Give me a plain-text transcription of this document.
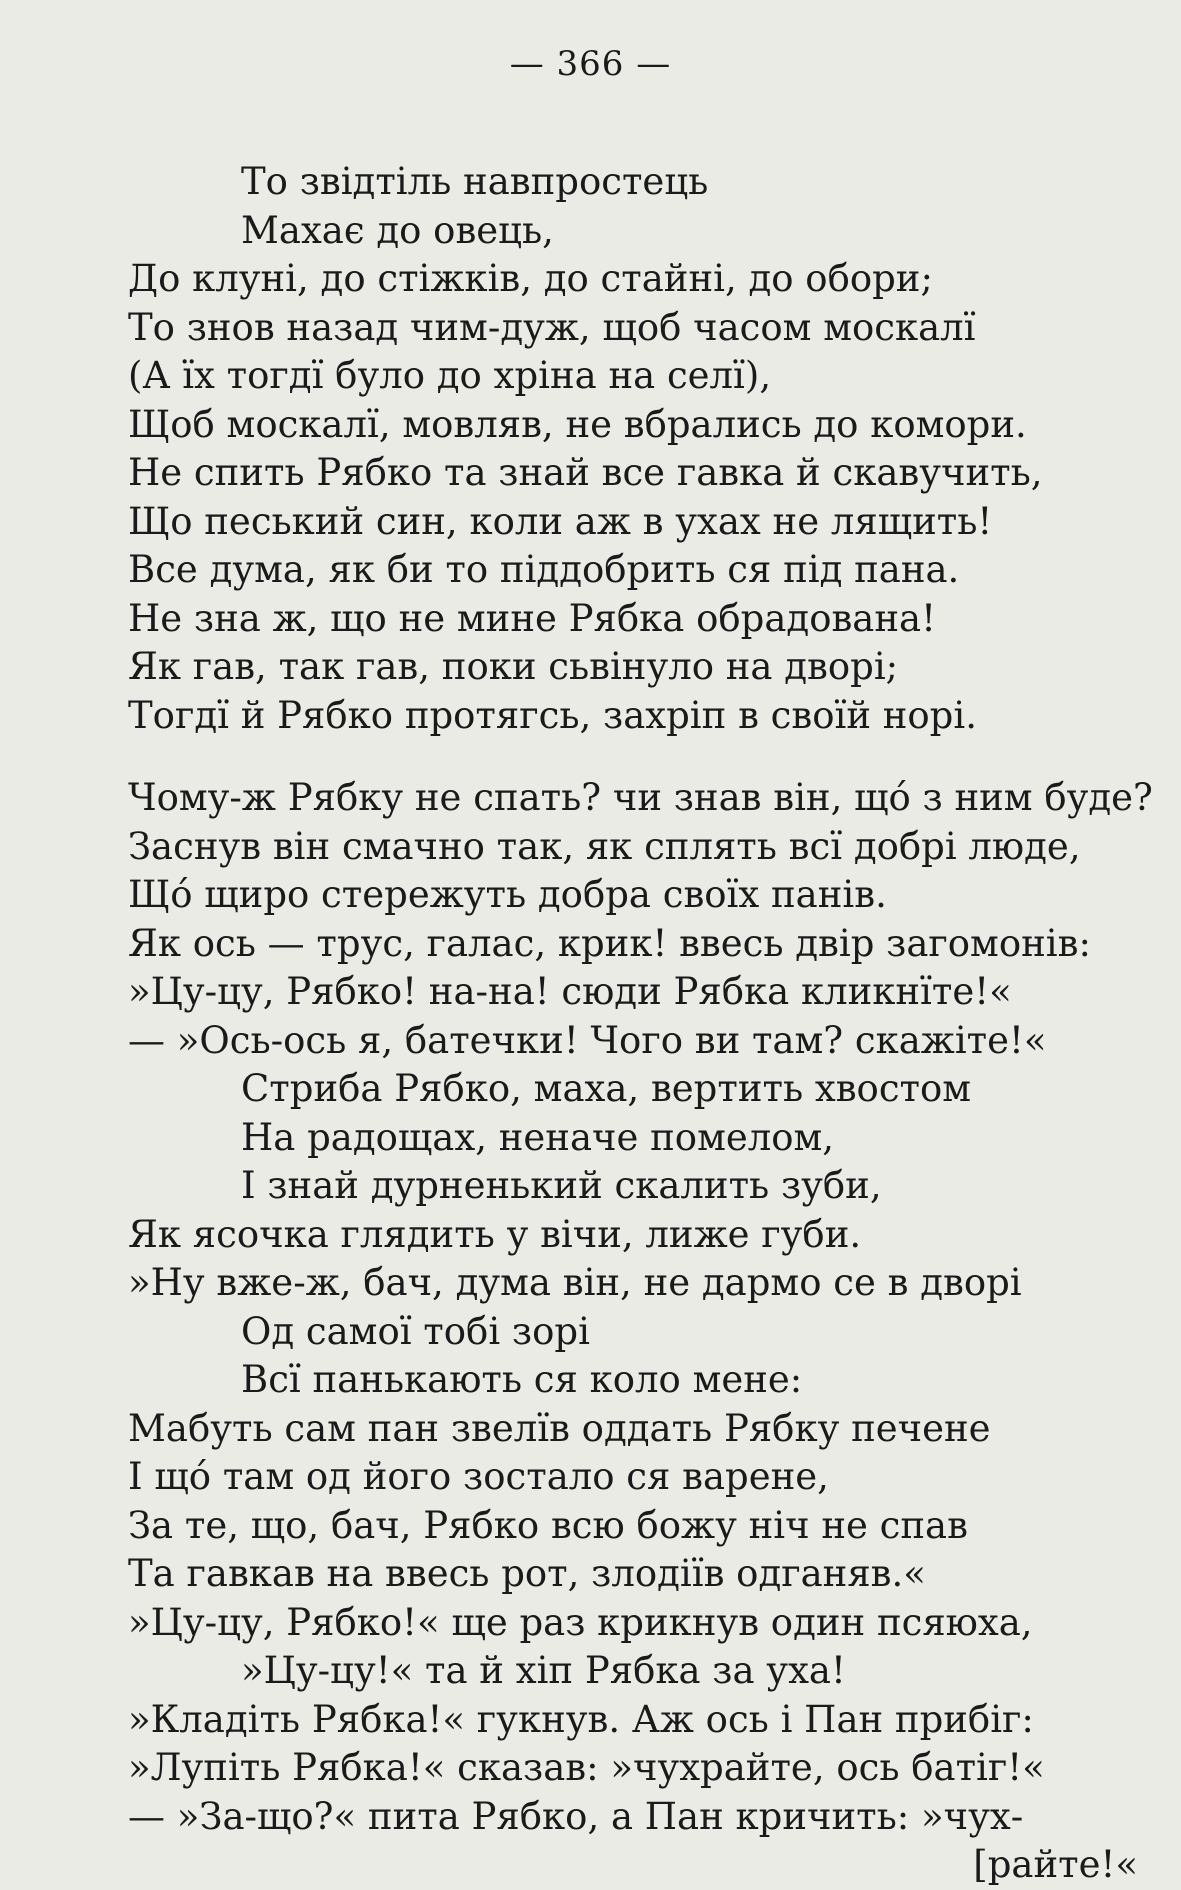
— 366 —
То звідтіль навпростець
Махає до овець,
До клуні, до стіжків, до стайні, до обори;
То знов назад чим-дуж, щоб часом москалї
(А їх тогдї було до хріна на селї),
Щоб москалї, мовляв, не вбрались до комори.
Не спить Рябко та знай все гавка й скавучить,
Що песький син, коли аж в ухах не лящить!
Все дума, як би то піддобрить ся під пана.
Не зна ж, що не мине Рябка обрадована!
Як гав, так гав, поки сьвінуло на дворі;
Тогдї й Рябко протягсь, захріп в своїй норі.
Чому-ж Рябку не спать? чи знав він, що́ з ним буде?
Заснув він смачно так, як сплять всї добрі люде,
Що́ щиро стережуть добра своїх панів.
Як ось — трус, галас, крик! ввесь двір загомонів:
»Цу-цу, Рябко! на-на! сюди Рябка кликнїте!«
— »Ось-ось я, батечки! Чого ви там? скажіте!«
Стриба Рябко, маха, вертить хвостом
На радощах, неначе помелом,
І знай дурненький скалить зуби,
Як ясочка глядить у вічи, лиже губи.
»Ну вже-ж, бач, дума він, не дармо се в дворі
Од самої тобі зорі
Всї панькають ся коло мене:
Мабуть сам пан звелїв оддать Рябку печене
І що́ там од його зостало ся варене,
За те, що, бач, Рябко всю божу ніч не спав
Та гавкав на ввесь рот, злодіїв одганяв.«
»Цу-цу, Рябко!« ще раз крикнув один псяюха,
»Цу-цу!« та й хіп Рябка за уха!
»Кладіть Рябка!« гукнув. Аж ось і Пан прибіг:
»Лупіть Рябка!« сказав: »чухрайте, ось батіг!«
— »За-що?« пита Рябко, а Пан кричить: »чух-
[райте!«
